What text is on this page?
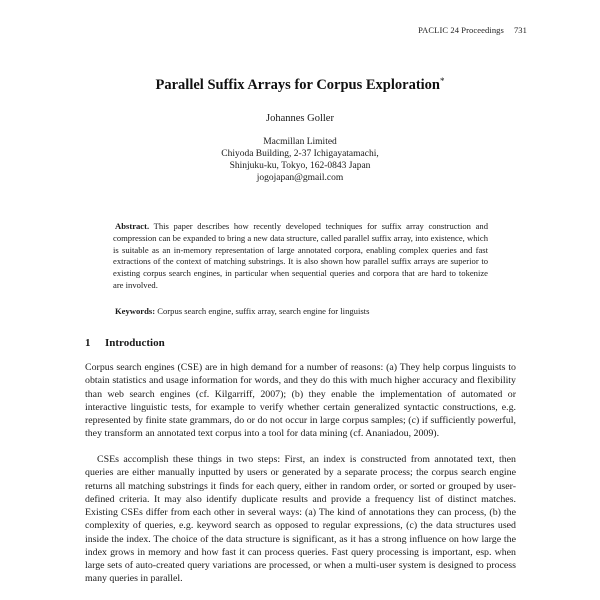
PACLIC 24 Proceedings 731
Parallel Suffix Arrays for Corpus Exploration*
Johannes Goller
Macmillan Limited
Chiyoda Building, 2-37 Ichigayatamachi,
Shinjuku-ku, Tokyo, 162-0843 Japan
jogojapan@gmail.com
Abstract. This paper describes how recently developed techniques for suffix array construction and compression can be expanded to bring a new data structure, called parallel suffix array, into existence, which is suitable as an in-memory representation of large annotated corpora, enabling complex queries and fast extractions of the context of matching substrings. It is also shown how parallel suffix arrays are superior to existing corpus search engines, in particular when sequential queries and corpora that are hard to tokenize are involved.
Keywords: Corpus search engine, suffix array, search engine for linguists
1 Introduction
Corpus search engines (CSE) are in high demand for a number of reasons: (a) They help corpus linguists to obtain statistics and usage information for words, and they do this with much higher accuracy and flexibility than web search engines (cf. Kilgarriff, 2007); (b) they enable the implementation of automated or interactive linguistic tests, for example to verify whether certain generalized syntactic constructions, e.g. represented by finite state grammars, do or do not occur in large corpus samples; (c) if sufficiently powerful, they transform an annotated text corpus into a tool for data mining (cf. Ananiadou, 2009).
CSEs accomplish these things in two steps: First, an index is constructed from annotated text, then queries are either manually inputted by users or generated by a separate process; the corpus search engine returns all matching substrings it finds for each query, either in random order, or sorted or grouped by user-defined criteria. It may also identify duplicate results and provide a frequency list of distinct matches. Existing CSEs differ from each other in several ways: (a) The kind of annotations they can process, (b) the complexity of queries, e.g. keyword search as opposed to regular expressions, (c) the data structures used inside the index. The choice of the data structure is significant, as it has a strong influence on how large the index grows in memory and how fast it can process queries. Fast query processing is important, esp. when large sets of auto-created query variations are processed, or when a multi-user system is designed to process many queries in parallel.
